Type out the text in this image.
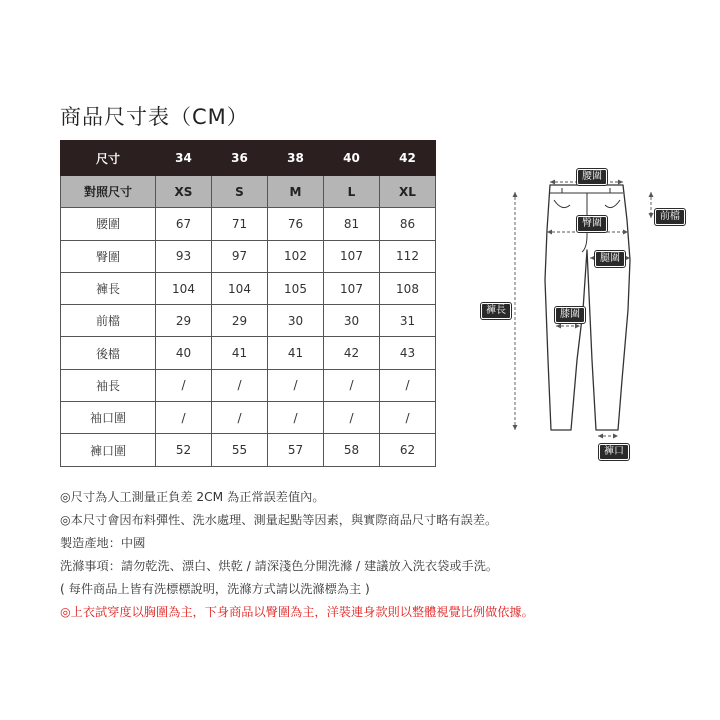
商品尺寸表（CM）
尺寸	34	36	38	40	42
對照尺寸	XS	S	M	L	XL
腰圍	67	71	76	81	86
臀圍	93	97	102	107	112
褲長	104	104	105	107	108
前檔	29	29	30	30	31
後檔	40	41	41	42	43
袖長	/	/	/	/	/
袖口圍	/	/	/	/	/
褲口圍	52	55	57	58	62
◎尺寸為人工測量正負差 2CM 為正常誤差值內。
◎本尺寸會因布料彈性、洗水處理、測量起點等因素，與實際商品尺寸略有誤差。
製造產地：中國
洗滌事項：請勿乾洗、漂白、烘乾 / 請深淺色分開洗滌 / 建議放入洗衣袋或手洗。
( 每件商品上皆有洗標標說明，洗滌方式請以洗滌標為主 )
◎上衣試穿度以胸圍為主，下身商品以臀圍為主，洋裝連身款則以整體視覺比例做依據。
腰圍
前檔
臀圍
腿圍
褲長	膝圍
褲口
